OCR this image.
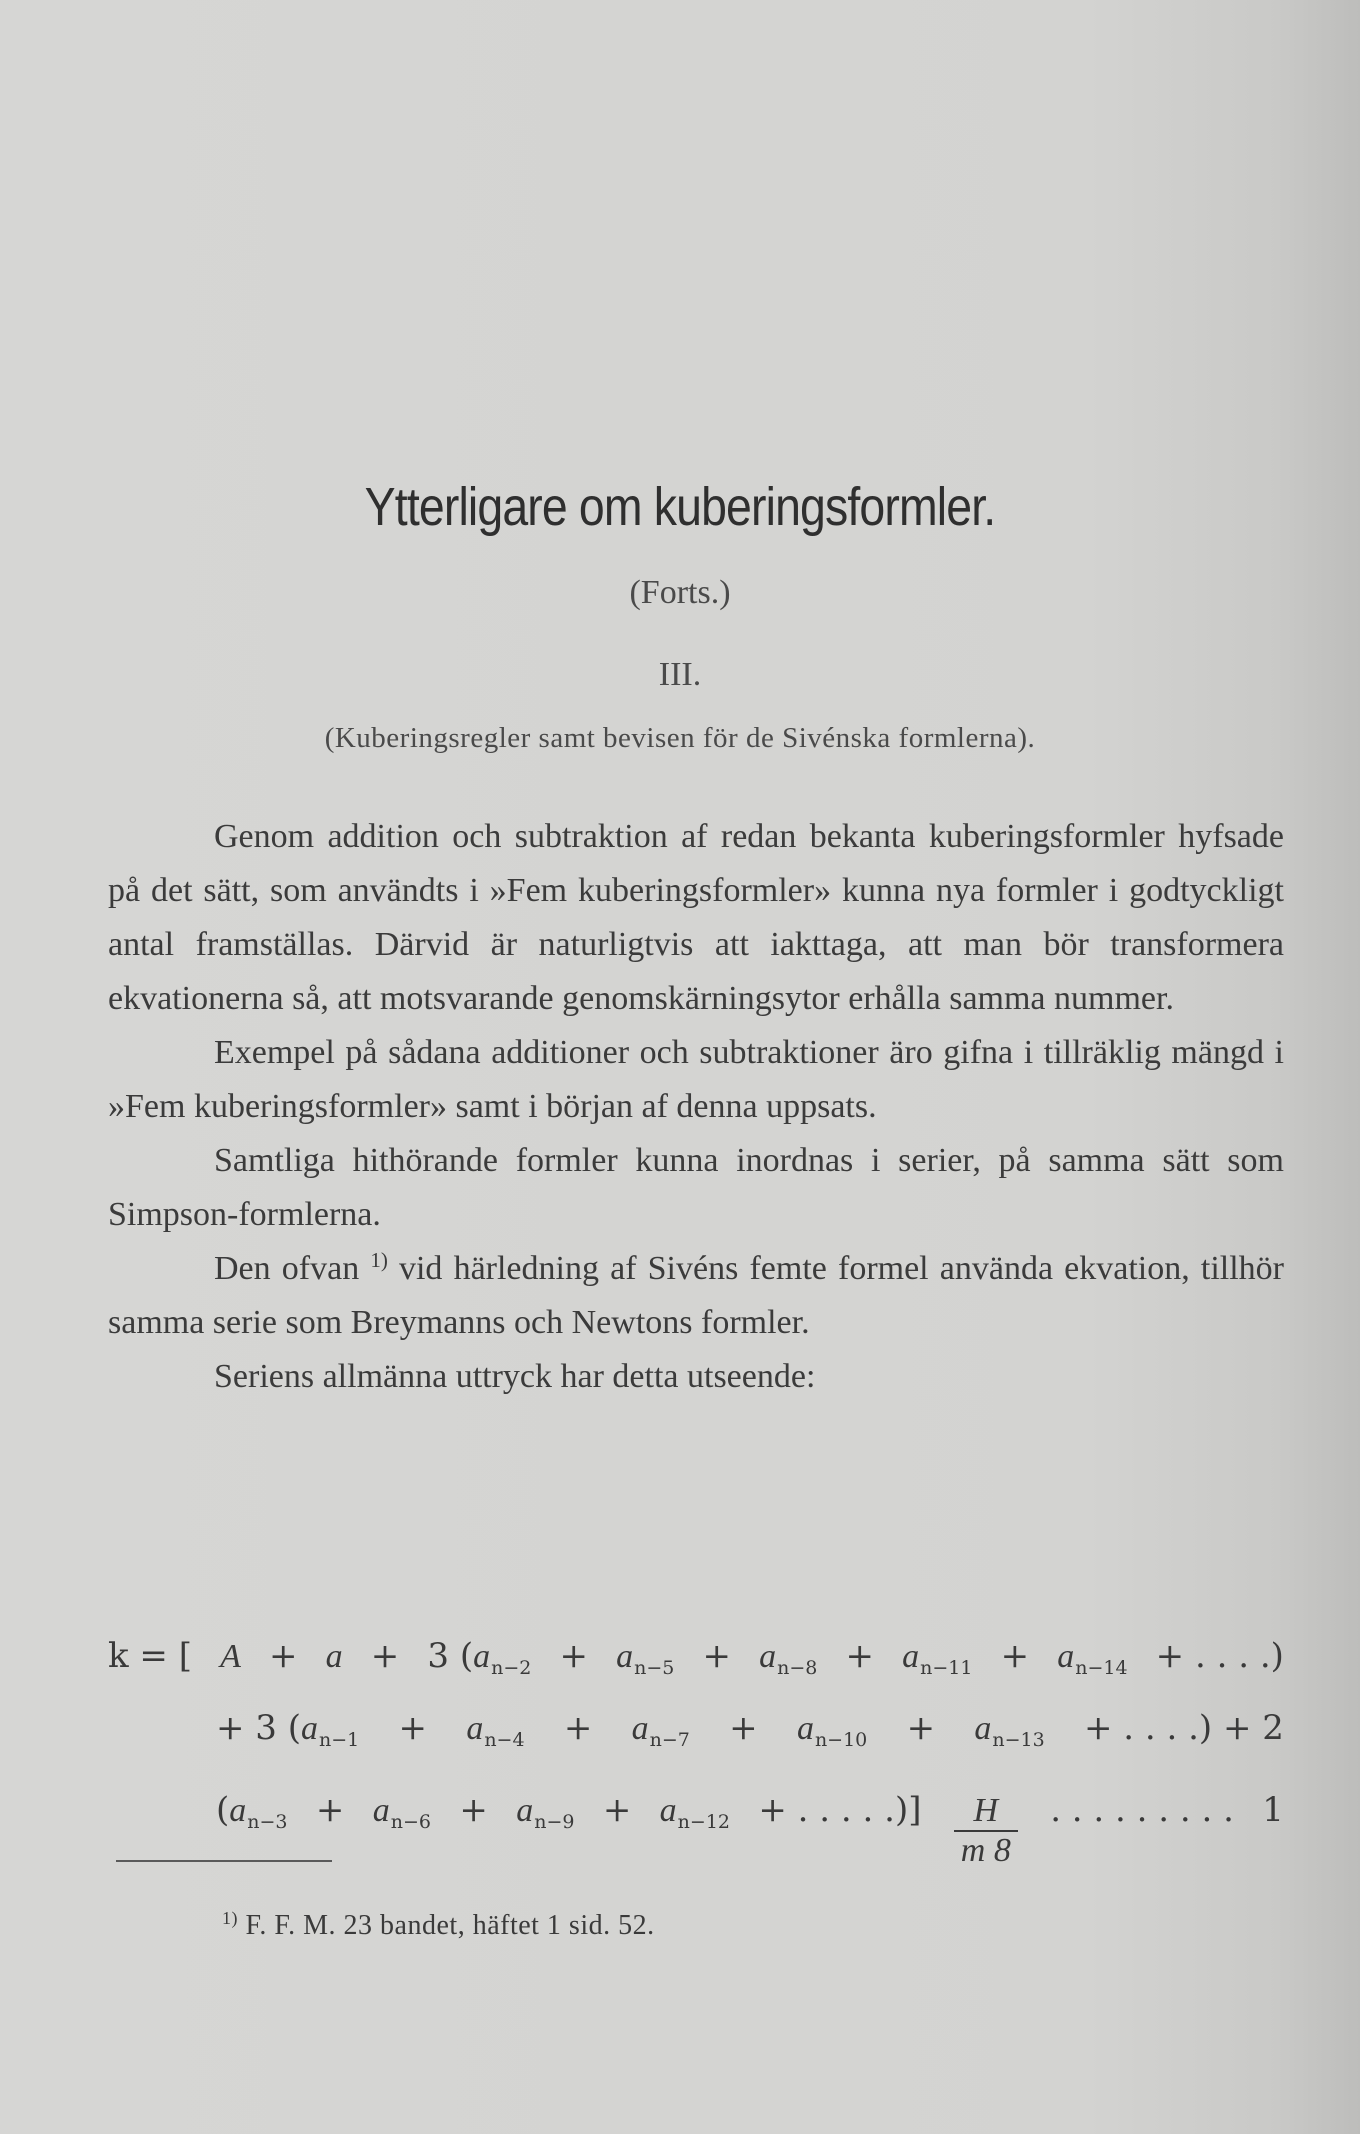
Ytterligare om kuberingsformler.
(Forts.)
III.
(Kuberingsregler samt bevisen för de Sivénska formlerna).

Genom addition och subtraktion af redan bekanta kuberingsformler hyfsade på det sätt, som användts i »Fem kuberingsformler» kunna nya formler i godtyckligt antal framställas. Därvid är naturligtvis att iakttaga, att man bör transformera ekvationerna så, att motsvarande genomskärningsytor erhålla samma nummer.

Exempel på sådana additioner och subtraktioner äro gifna i tillräklig mängd i »Fem kuberingsformler» samt i början af denna uppsats.

Samtliga hithörande formler kunna inordnas i serier, på samma sätt som Simpson-formlerna.

Den ofvan $^{1)}$ vid härledning af Sivéns femte formel använda ekvation, tillhör samma serie som Breymanns och Newtons formler.

Seriens allmänna uttryck har detta utseende:

k = [ A + a + 3 ($a_{n-2} + a_{n-5} + a_{n-8} + a_{n-11} + a_{n-14}$ + . . . .)
+ 3 ($a_{n-1} + a_{n-4} + a_{n-7} + a_{n-10} + a_{n-13}$ + . . . .) + 2
($a_{n-3} + a_{n-6} + a_{n-9} + a_{n-12}$ + . . . . .)] $\frac{H}{m 8}$ . . . . . . . . . 1
$^{1)}$ F. F. M. 23 bandet, häftet 1 sid. 52.
